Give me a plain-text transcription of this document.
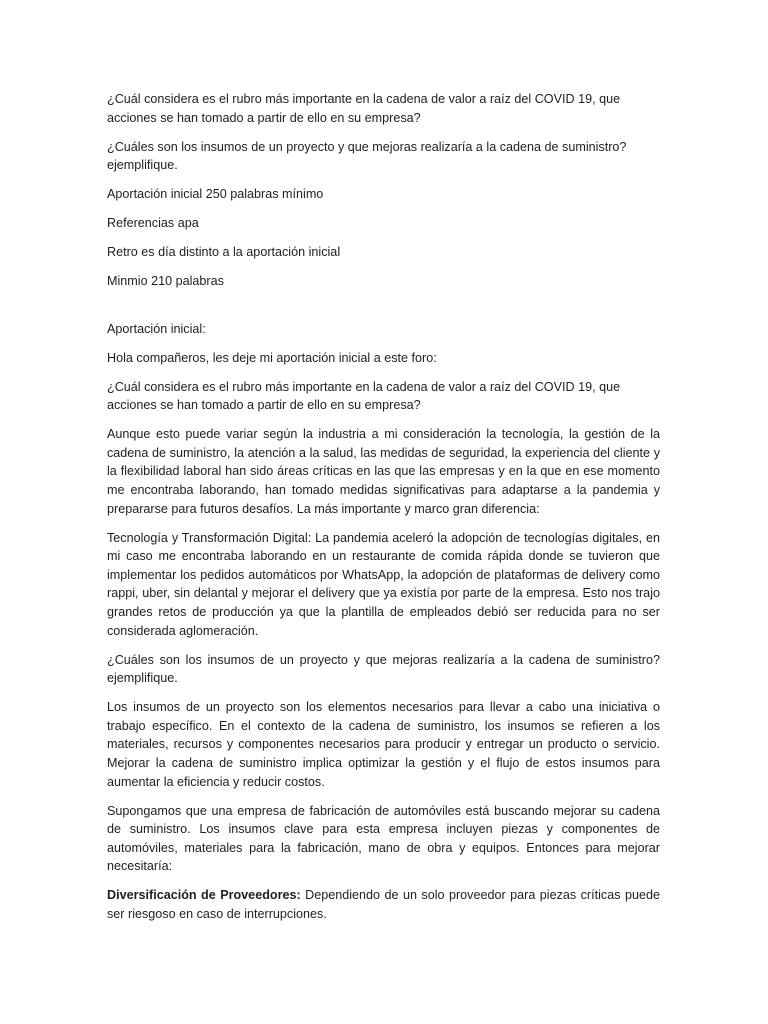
¿Cuál considera es el rubro más importante en la cadena de valor a raíz del COVID 19, que acciones se han tomado a partir de ello en su empresa?

¿Cuáles son los insumos de un proyecto y que mejoras realizaría a la cadena de suministro? ejemplifique.

Aportación inicial 250 palabras mínimo

Referencias apa

Retro es día distinto a la aportación inicial

Minmio 210 palabras

Aportación inicial:

Hola compañeros, les deje mi aportación inicial a este foro:

¿Cuál considera es el rubro más importante en la cadena de valor a raíz del COVID 19, que acciones se han tomado a partir de ello en su empresa?

Aunque esto puede variar según la industria a mi consideración la tecnología, la gestión de la cadena de suministro, la atención a la salud, las medidas de seguridad, la experiencia del cliente y la flexibilidad laboral han sido áreas críticas en las que las empresas y en la que en ese momento me encontraba laborando, han tomado medidas significativas para adaptarse a la pandemia y prepararse para futuros desafíos. La más importante y marco gran diferencia:

Tecnología y Transformación Digital: La pandemia aceleró la adopción de tecnologías digitales, en mi caso me encontraba laborando en un restaurante de comida rápida donde se tuvieron que implementar los pedidos automáticos por WhatsApp, la adopción de plataformas de delivery como rappi, uber, sin delantal y mejorar el delivery que ya existía por parte de la empresa. Esto nos trajo grandes retos de producción ya que la plantilla de empleados debió ser reducida para no ser considerada aglomeración.

¿Cuáles son los insumos de un proyecto y que mejoras realizaría a la cadena de suministro? ejemplifique.

Los insumos de un proyecto son los elementos necesarios para llevar a cabo una iniciativa o trabajo específico. En el contexto de la cadena de suministro, los insumos se refieren a los materiales, recursos y componentes necesarios para producir y entregar un producto o servicio. Mejorar la cadena de suministro implica optimizar la gestión y el flujo de estos insumos para aumentar la eficiencia y reducir costos.

Supongamos que una empresa de fabricación de automóviles está buscando mejorar su cadena de suministro. Los insumos clave para esta empresa incluyen piezas y componentes de automóviles, materiales para la fabricación, mano de obra y equipos. Entonces para mejorar necesitaría:

Diversificación de Proveedores: Dependiendo de un solo proveedor para piezas críticas puede ser riesgoso en caso de interrupciones.
